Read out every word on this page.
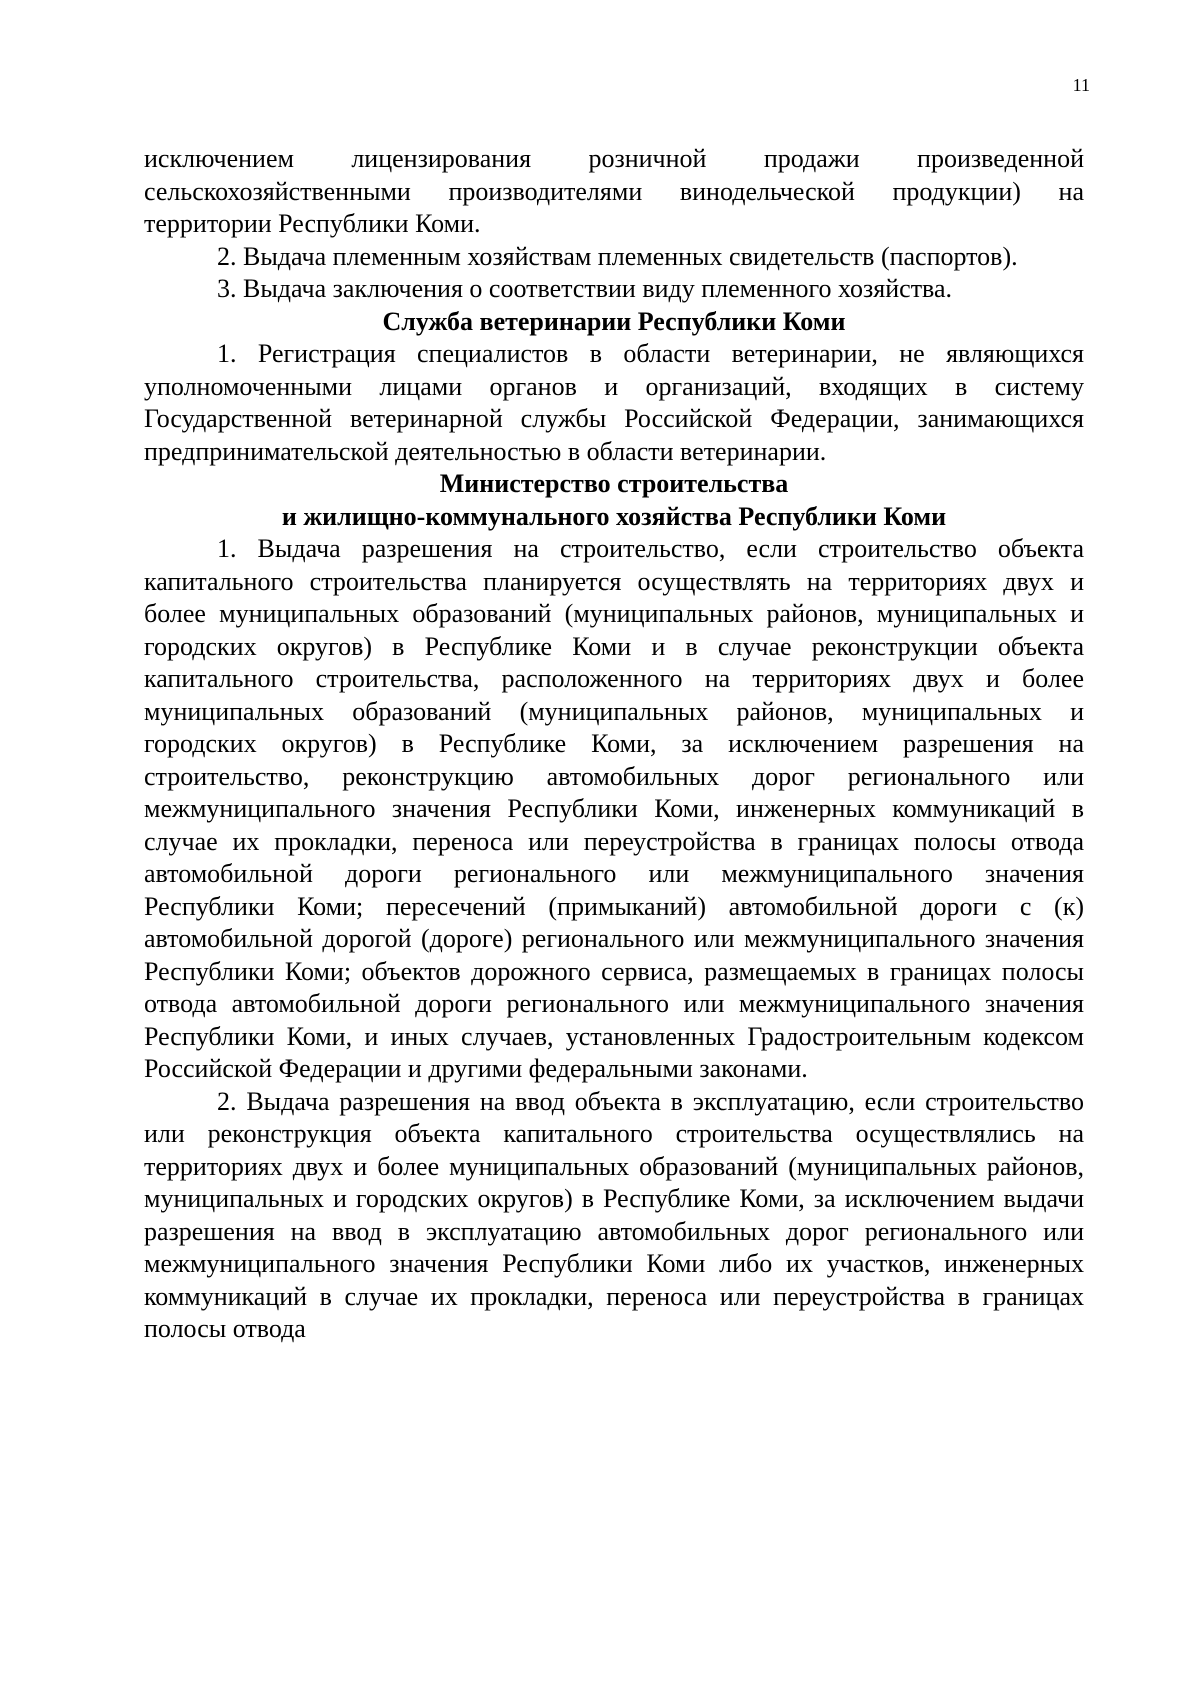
11

исключением лицензирования розничной продажи произведенной сельскохозяйственными производителями винодельческой продукции) на территории Республики Коми.

2. Выдача племенным хозяйствам племенных свидетельств (паспортов).

3. Выдача заключения о соответствии виду племенного хозяйства.

Служба ветеринарии Республики Коми

1. Регистрация специалистов в области ветеринарии, не являющихся уполномоченными лицами органов и организаций, входящих в систему Государственной ветеринарной службы Российской Федерации, занимающихся предпринимательской деятельностью в области ветеринарии.

Министерство строительства
и жилищно-коммунального хозяйства Республики Коми

1. Выдача разрешения на строительство, если строительство объекта капитального строительства планируется осуществлять на территориях двух и более муниципальных образований (муниципальных районов, муниципальных и городских округов) в Республике Коми и в случае реконструкции объекта капитального строительства, расположенного на территориях двух и более муниципальных образований (муниципальных районов, муниципальных и городских округов) в Республике Коми, за исключением разрешения на строительство, реконструкцию автомобильных дорог регионального или межмуниципального значения Республики Коми, инженерных коммуникаций в случае их прокладки, переноса или переустройства в границах полосы отвода автомобильной дороги регионального или межмуниципального значения Республики Коми; пересечений (примыканий) автомобильной дороги с (к) автомобильной дорогой (дороге) регионального или межмуниципального значения Республики Коми; объектов дорожного сервиса, размещаемых в границах полосы отвода автомобильной дороги регионального или межмуниципального значения Республики Коми, и иных случаев, установленных Градостроительным кодексом Российской Федерации и другими федеральными законами.

2. Выдача разрешения на ввод объекта в эксплуатацию, если строительство или реконструкция объекта капитального строительства осуществлялись на территориях двух и более муниципальных образований (муниципальных районов, муниципальных и городских округов) в Республике Коми, за исключением выдачи разрешения на ввод в эксплуатацию автомобильных дорог регионального или межмуниципального значения Республики Коми либо их участков, инженерных коммуникаций в случае их прокладки, переноса или переустройства в границах полосы отвода
